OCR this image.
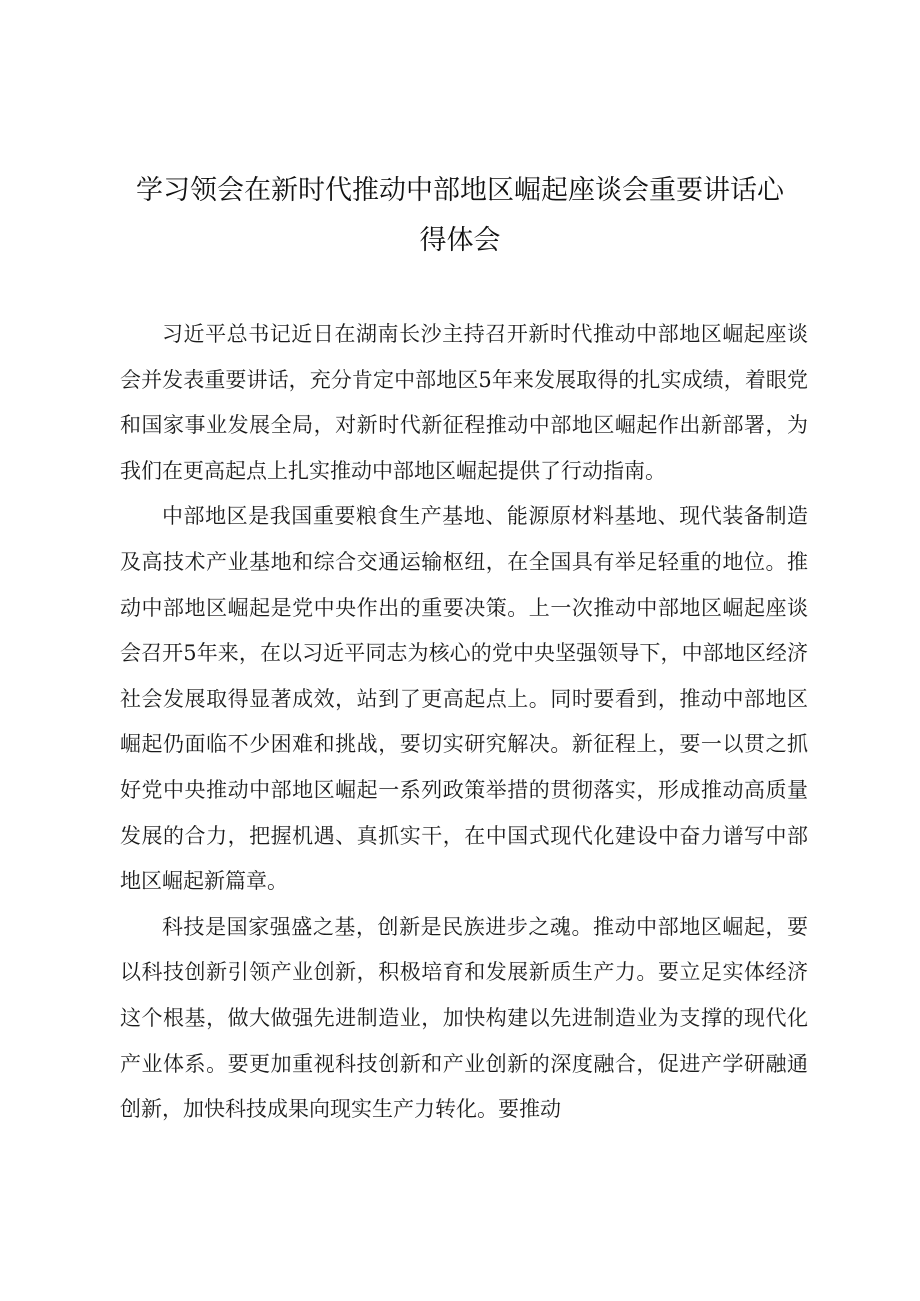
学习领会在新时代推动中部地区崛起座谈会重要讲话心
得体会

习近平总书记近日在湖南长沙主持召开新时代推动中部地区崛起座谈会并发表重要讲话，充分肯定中部地区5年来发展取得的扎实成绩，着眼党和国家事业发展全局，对新时代新征程推动中部地区崛起作出新部署，为我们在更高起点上扎实推动中部地区崛起提供了行动指南。

中部地区是我国重要粮食生产基地、能源原材料基地、现代装备制造及高技术产业基地和综合交通运输枢纽，在全国具有举足轻重的地位。推动中部地区崛起是党中央作出的重要决策。上一次推动中部地区崛起座谈会召开5年来，在以习近平同志为核心的党中央坚强领导下，中部地区经济社会发展取得显著成效，站到了更高起点上。同时要看到，推动中部地区崛起仍面临不少困难和挑战，要切实研究解决。新征程上，要一以贯之抓好党中央推动中部地区崛起一系列政策举措的贯彻落实，形成推动高质量发展的合力，把握机遇、真抓实干，在中国式现代化建设中奋力谱写中部地区崛起新篇章。

科技是国家强盛之基，创新是民族进步之魂。推动中部地区崛起，要以科技创新引领产业创新，积极培育和发展新质生产力。要立足实体经济这个根基，做大做强先进制造业，加快构建以先进制造业为支撑的现代化产业体系。要更加重视科技创新和产业创新的深度融合，促进产学研融通创新，加快科技成果向现实生产力转化。要推动
